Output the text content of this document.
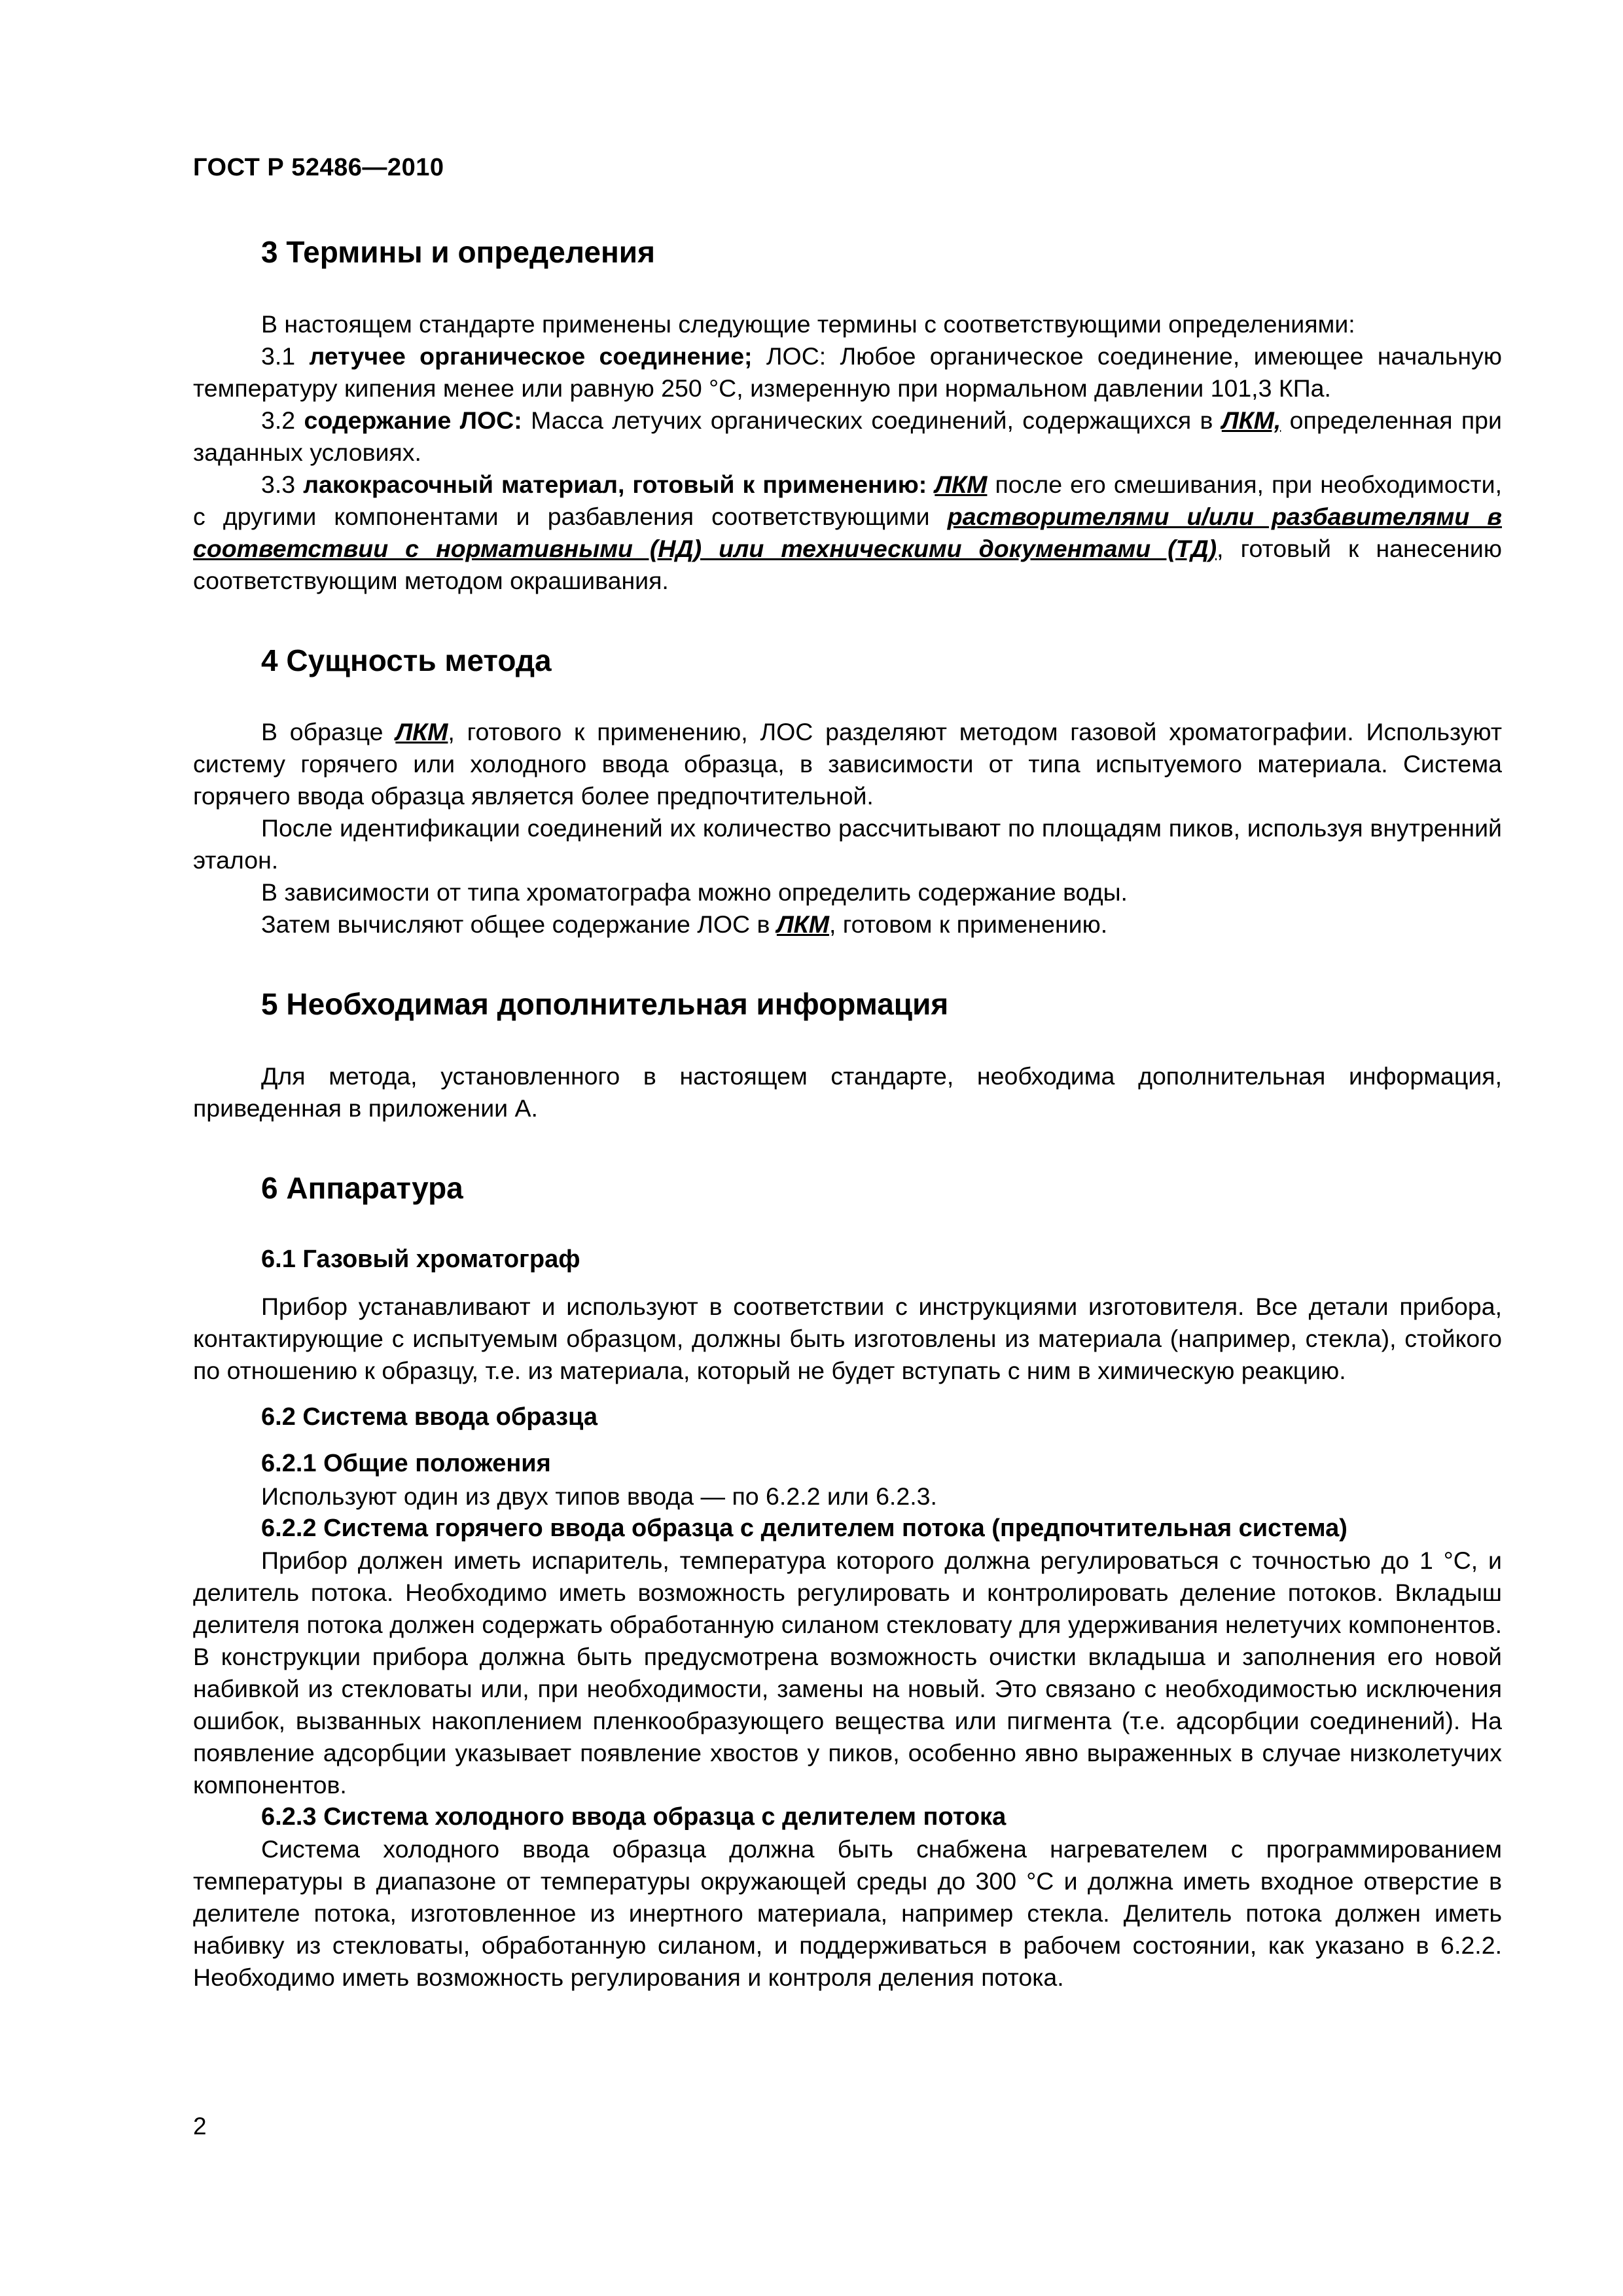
ГОСТ Р 52486—2010
3 Термины и определения

В настоящем стандарте применены следующие термины с соответствующими определениями:

3.1 летучее органическое соединение; ЛОС: Любое органическое соединение, имеющее начальную температуру кипения менее или равную 250 °С, измеренную при нормальном давлении 101,3 КПа.

3.2 содержание ЛОС: Масса летучих органических соединений, содержащихся в ЛКМ, определенная при заданных условиях.

3.3 лакокрасочный материал, готовый к применению: ЛКМ после его смешивания, при необходимости, с другими компонентами и разбавления соответствующими растворителями и/или разбавителями в соответствии с нормативными (НД) или техническими документами (ТД), готовый к нанесению соответствующим методом окрашивания.

4 Сущность метода

В образце ЛКМ, готового к применению, ЛОС разделяют методом газовой хроматографии. Используют систему горячего или холодного ввода образца, в зависимости от типа испытуемого материала. Система горячего ввода образца является более предпочтительной.

После идентификации соединений их количество рассчитывают по площадям пиков, используя внутренний эталон.

В зависимости от типа хроматографа можно определить содержание воды.

Затем вычисляют общее содержание ЛОС в ЛКМ, готовом к применению.

5 Необходимая дополнительная информация

Для метода, установленного в настоящем стандарте, необходима дополнительная информация, приведенная в приложении А.

6 Аппаратура
6.1 Газовый хроматограф

Прибор устанавливают и используют в соответствии с инструкциями изготовителя. Все детали прибора, контактирующие с испытуемым образцом, должны быть изготовлены из материала (например, стекла), стойкого по отношению к образцу, т.е. из материала, который не будет вступать с ним в химическую реакцию.

6.2 Система ввода образца
6.2.1 Общие положения

Используют один из двух типов ввода — по 6.2.2 или 6.2.3.

6.2.2 Система горячего ввода образца с делителем потока (предпочтительная система)

Прибор должен иметь испаритель, температура которого должна регулироваться с точностью до 1 °С, и делитель потока. Необходимо иметь возможность регулировать и контролировать деление потоков. Вкладыш делителя потока должен содержать обработанную силаном стекловату для удерживания нелетучих компонентов. В конструкции прибора должна быть предусмотрена возможность очистки вкладыша и заполнения его новой набивкой из стекловаты или, при необходимости, замены на новый. Это связано с необходимостью исключения ошибок, вызванных накоплением пленкообразующего вещества или пигмента (т.е. адсорбции соединений). На появление адсорбции указывает появление хвостов у пиков, особенно явно выраженных в случае низколетучих компонентов.

6.2.3 Система холодного ввода образца с делителем потока

Система холодного ввода образца должна быть снабжена нагревателем с программированием температуры в диапазоне от температуры окружающей среды до 300 °С и должна иметь входное отверстие в делителе потока, изготовленное из инертного материала, например стекла. Делитель потока должен иметь набивку из стекловаты, обработанную силаном, и поддерживаться в рабочем состоянии, как указано в 6.2.2. Необходимо иметь возможность регулирования и контроля деления потока.

2
